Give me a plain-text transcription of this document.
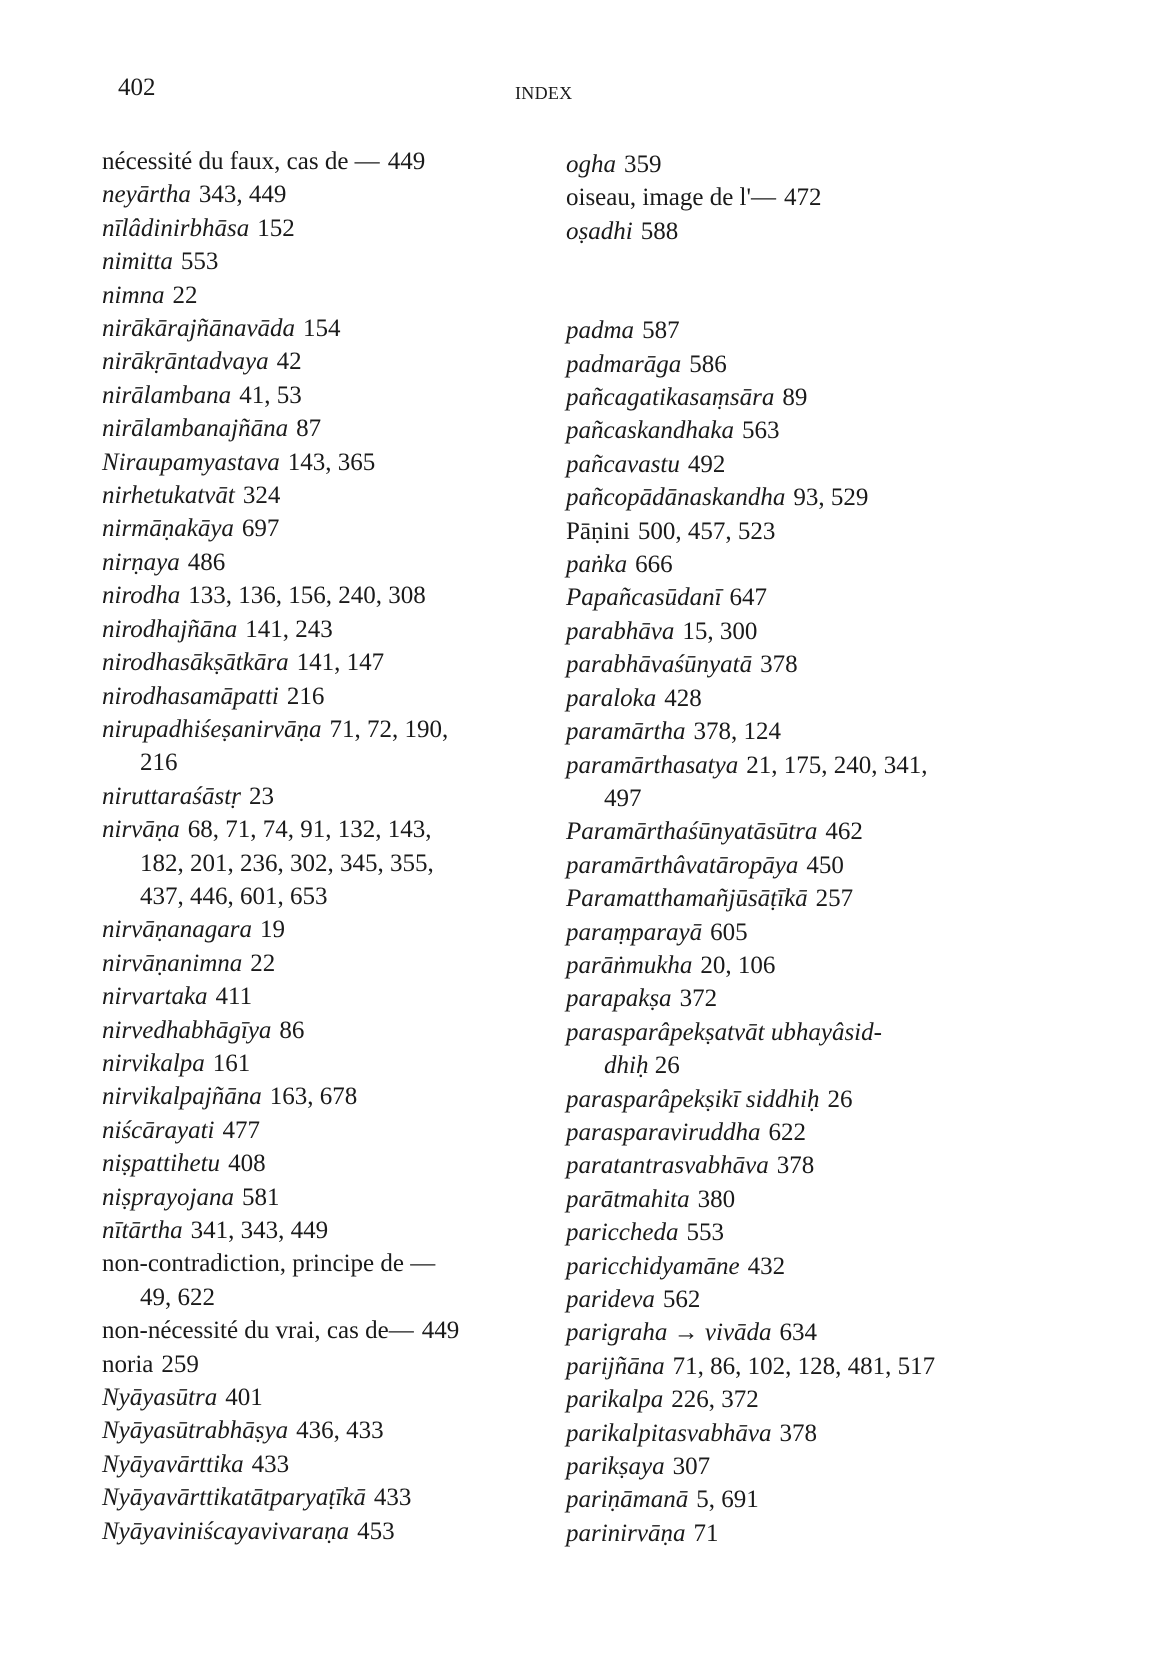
402	INDEX
nécessité du faux, cas de — 449
neyārtha 343, 449
nīlâdinirbhāsa 152
nimitta 553
nimna 22
nirākārajñānavāda 154
nirākṛāntadvaya 42
nirālambana 41, 53
nirālambanajñāna 87
Niraupamyastava 143, 365
nirhetukatvāt 324
nirmāṇakāya 697
nirṇaya 486
nirodha 133, 136, 156, 240, 308
nirodhajñāna 141, 243
nirodhasākṣātkāra 141, 147
nirodhasamāpatti 216
nirupadhiśeṣanirvāṇa 71, 72, 190,
216
niruttaraśāstṛ 23
nirvāṇa 68, 71, 74, 91, 132, 143,
182, 201, 236, 302, 345, 355,
437, 446, 601, 653
nirvāṇanagara 19
nirvāṇanimna 22
nirvartaka 411
nirvedhabhāgīya 86
nirvikalpa 161
nirvikalpajñāna 163, 678
niścārayati 477
niṣpattihetu 408
niṣprayojana 581
nītārtha 341, 343, 449
non-contradiction, principe de —
49, 622
non-nécessité du vrai, cas de— 449
noria 259
Nyāyasūtra 401
Nyāyasūtrabhāṣya 436, 433
Nyāyavārttika 433
Nyāyavārttikatātparyaṭīkā 433
Nyāyaviniścayavivaraṇa 453
ogha 359
oiseau, image de l'— 472
oṣadhi 588
padma 587
padmarāga 586
pañcagatikasaṃsāra 89
pañcaskandhaka 563
pañcavastu 492
pañcopādānaskandha 93, 529
Pāṇini 500, 457, 523
paṅka 666
Papañcasūdanī 647
parabhāva 15, 300
parabhāvaśūnyatā 378
paraloka 428
paramārtha 378, 124
paramārthasatya 21, 175, 240, 341,
497
Paramārthaśūnyatāsūtra 462
paramārthâvatāropāya 450
Paramatthamañjūsāṭīkā 257
paraṃparayā 605
parāṅmukha 20, 106
parapakṣa 372
parasparâpekṣatvāt ubhayâsid-
dhiḥ 26
parasparâpekṣikī siddhiḥ 26
parasparaviruddha 622
paratantrasvabhāva 378
parātmahita 380
pariccheda 553
paricchidyamāne 432
parideva 562
parigraha → vivāda 634
parijñāna 71, 86, 102, 128, 481, 517
parikalpa 226, 372
parikalpitasvabhāva 378
parikṣaya 307
pariṇāmanā 5, 691
parinirvāṇa 71
